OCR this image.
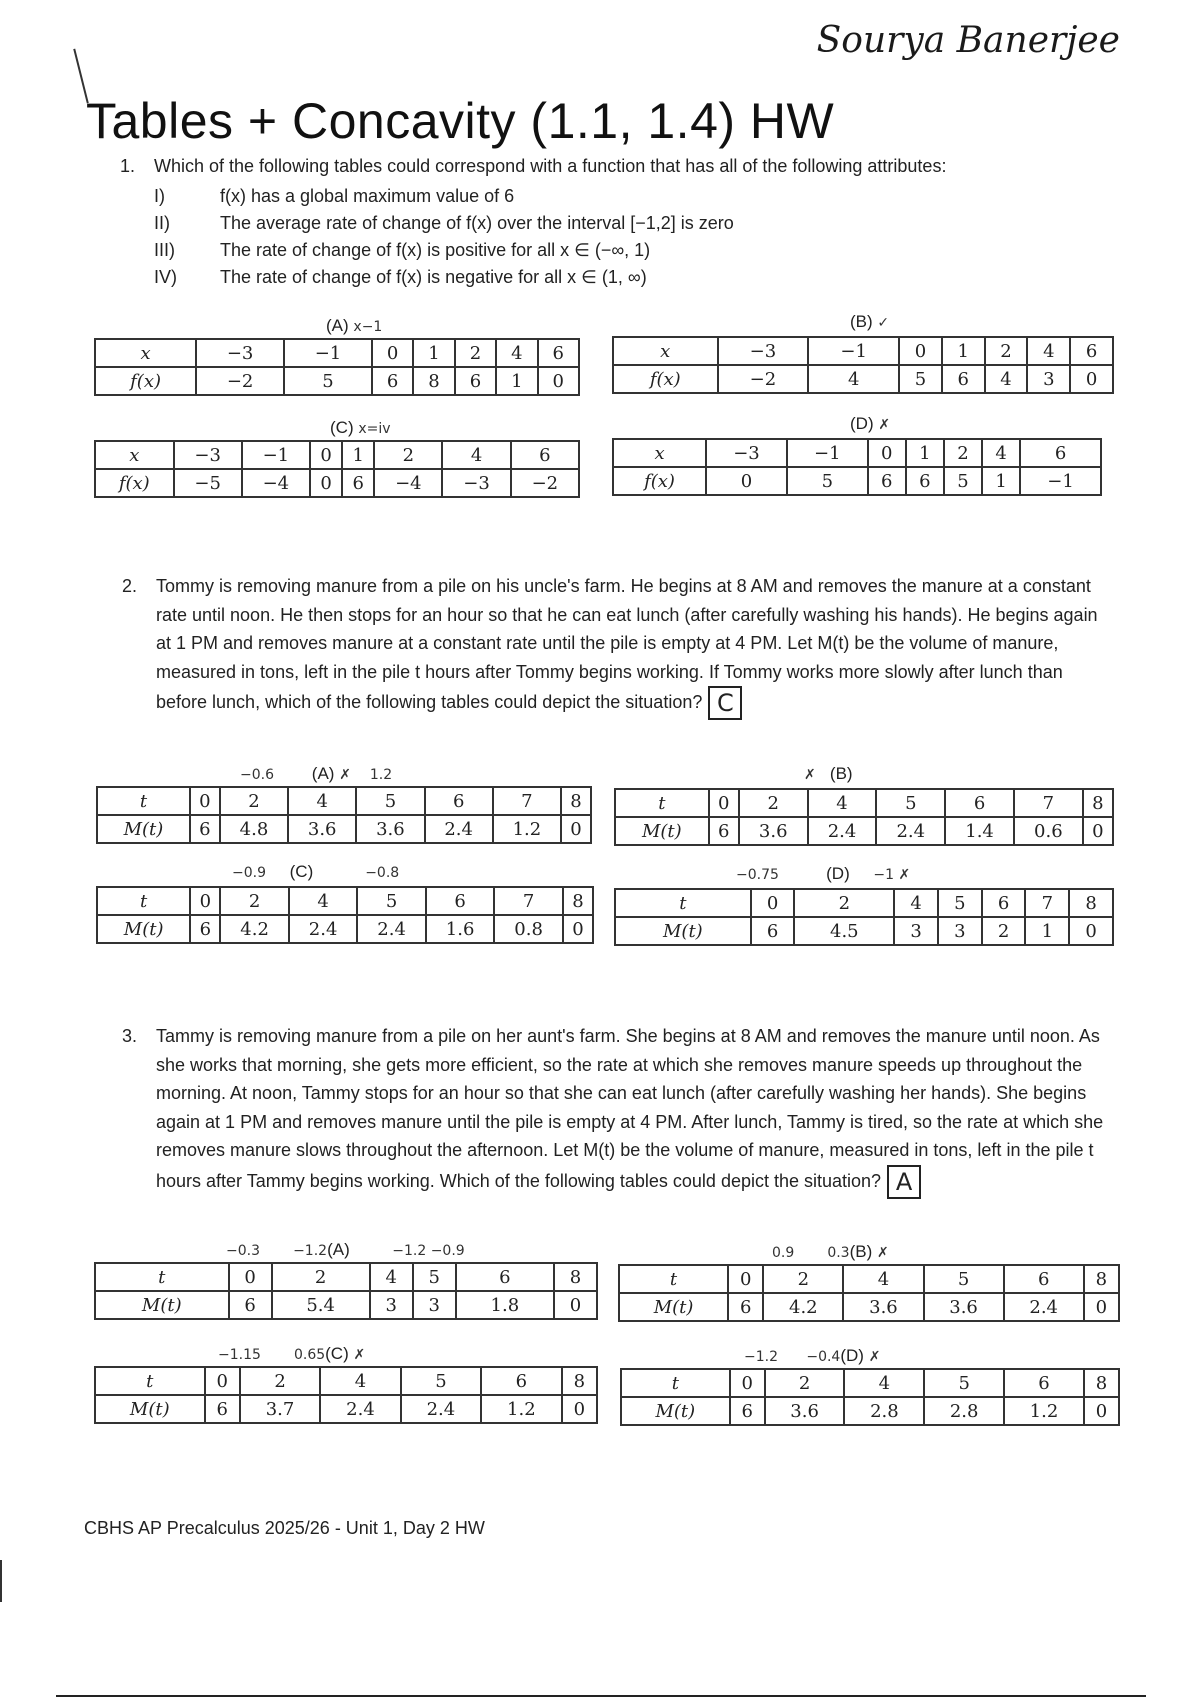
Sourya Banerjee
Tables + Concavity (1.1, 1.4) HW
1. Which of the following tables could correspond with a function that has all of the following attributes:
I)	f(x) has a global maximum value of 6
II)	The average rate of change of f(x) over the interval [−1,2] is zero
III)	The rate of change of f(x) is positive for all x ∈ (−∞, 1)
IV)	The rate of change of f(x) is negative for all x ∈ (1, ∞)
(A) x−1
x	−3	−1	0	1	2	4	6
f(x)	−2	5	6	8	6	1	0
(B) ✓
x	−3	−1	0	1	2	4	6
f(x)	−2	4	5	6	4	3	0
(C) x=iv
x	−3	−1	0	1	2	4	6
f(x)	−5	−4	0	6	−4	−3	−2
(D) ✗
x	−3	−1	0	1	2	4	6
f(x)	0	5	6	6	5	1	−1
2. Tommy is removing manure from a pile on his uncle's farm. He begins at 8 AM and removes the manure at a constant rate until noon. He then stops for an hour so that he can eat lunch (after carefully washing his hands). He begins again at 1 PM and removes manure at a constant rate until the pile is empty at 4 PM. Let M(t) be the volume of manure, measured in tons, left in the pile t hours after Tommy begins working. If Tommy works more slowly after lunch than before lunch, which of the following tables could depict the situation? C
−0.6 (A) ✗ 1.2
t	0	2	4	5	6	7	8
M(t)	6	4.8	3.6	3.6	2.4	1.2	0
✗ (B)
t	0	2	4	5	6	7	8
M(t)	6	3.6	2.4	2.4	1.4	0.6	0
−0.9 (C)	−0.8
t	0	2	4	5	6	7	8
M(t)	6	4.2	2.4	2.4	1.6	0.8	0
−0.75	(D) −1 ✗
t	0	2	4	5	6	7	8
M(t)	6	4.5	3	3	2	1	0
3. Tammy is removing manure from a pile on her aunt's farm. She begins at 8 AM and removes the manure until noon. As she works that morning, she gets more efficient, so the rate at which she removes manure speeds up throughout the morning. At noon, Tammy stops for an hour so that she can eat lunch (after carefully washing her hands). She begins again at 1 PM and removes manure until the pile is empty at 4 PM. After lunch, Tammy is tired, so the rate at which she removes manure slows throughout the afternoon. Let M(t) be the volume of manure, measured in tons, left in the pile t hours after Tammy begins working. Which of the following tables could depict the situation? A
−0.3 −1.2(A)	−1.2 −0.9
t	0	2	4	5	6	8
M(t)	6	5.4	3	3	1.8	0
0.9 0.3(B) ✗
t	0	2	4	5	6	8
M(t)	6	4.2	3.6	3.6	2.4	0
−1.15 0.65(C) ✗
t	0	2	4	5	6	8
M(t)	6	3.7	2.4	2.4	1.2	0
−1.2 −0.4(D) ✗
t	0	2	4	5	6	8
M(t)	6	3.6	2.8	2.8	1.2	0
CBHS AP Precalculus 2025/26 - Unit 1, Day 2 HW
